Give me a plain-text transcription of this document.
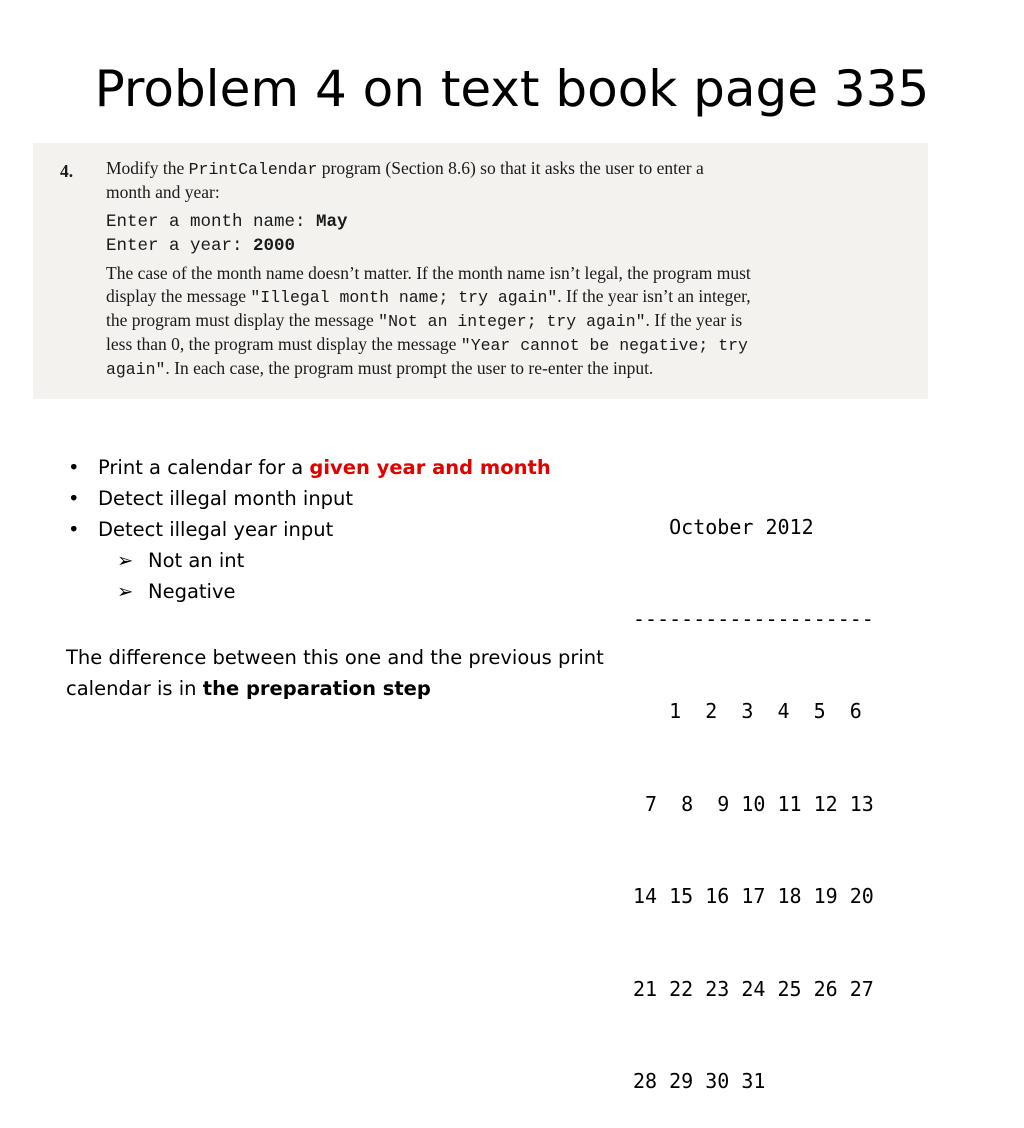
Problem 4 on text book page 335
4. Modify the PrintCalendar program (Section 8.6) so that it asks the user to enter a

month and year:

Enter a month name: May
Enter a year: 2000

The case of the month name doesn’t matter. If the month name isn’t legal, the program must

display the message "Illegal month name; try again". If the year isn’t an integer,

the program must display the message "Not an integer; try again". If the year is

less than 0, the program must display the message "Year cannot be negative; try

again". In each case, the program must prompt the user to re-enter the input.

• Print a calendar for a given year and month
• Detect illegal month input
• Detect illegal year input
➢ Not an int
➢ Negative
The difference between this one and the previous print calendar is in the preparation step

October 2012

--------------------

1  2  3  4  5  6

7  8  9 10 11 12 13

14 15 16 17 18 19 20

21 22 23 24 25 26 27

28 29 30 31
